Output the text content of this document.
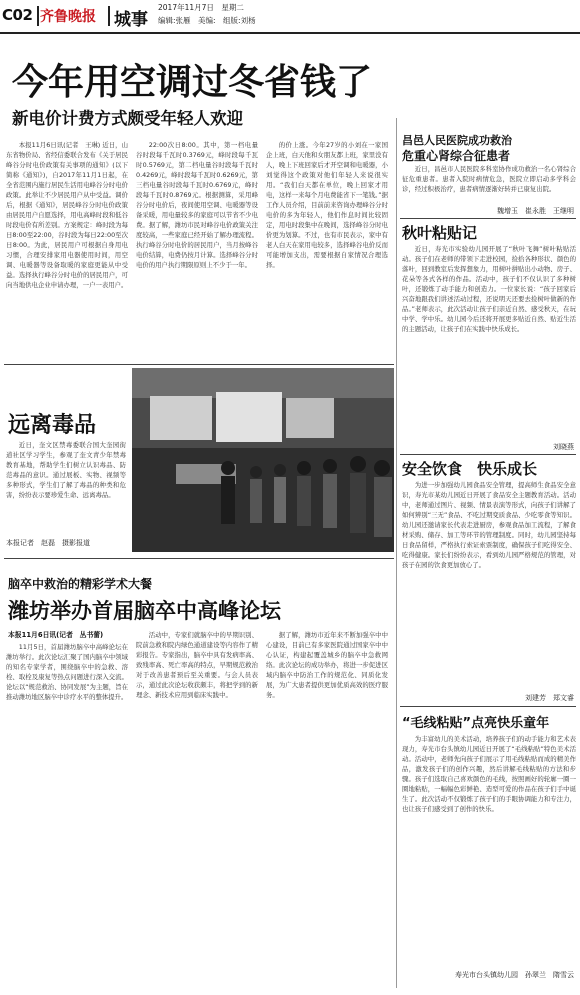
C02 齐鲁晚报 城事
2017年11月7日　星期二
编辑:张雁　美编:　组版:刘杨
今年用空调过冬省钱了
新电价计费方式颇受年轻人欢迎

本报11月6日讯(记者　王琳) 近日，山东省物价局、省经信委联合发布《关于居民峰谷分时电价政策有关事项的通知》(以下简称《通知》)，自2017年11月1日起，在全省范围内施行居民生活用电峰谷分时电价政策。此举让不少居民用户从中受益。调价后，根据《通知》，居民峰谷分时电价政策由居民用户自愿选择，用电高峰时段和低谷时段电价有所差别。方案规定：峰时段为每日8:00至22:00，谷时段为每日22:00至次日8:00。为此，居民用户可根据自身用电习惯，合理安排家用电器使用时间，用空调、电暖器等设备取暖的家庭更能从中受益。选择执行峰谷分时电价的居民用户，可向当地供电企业申请办理，一户一表用户。

22:00次日8:00。其中，第一档电量谷时段每千瓦时0.3769元，峰时段每千瓦时0.5769元，第二档电量谷时段每千瓦时0.4269元，峰时段每千瓦时0.6269元，第三档电量谷时段每千瓦时0.6769元，峰时段每千瓦时0.8769元。根据测算，采用峰谷分时电价后，夜间使用空调、电暖器等设备采暖，用电量较多的家庭可以节省不少电费。据了解，潍坊市民对峰谷电价政策关注度较高，一些家庭已经开始了解办理流程。执行峰谷分时电价的居民用户，当月按峰谷电价结算，电费仍按月计算。选择峰谷分时电价的用户执行期限原则上不少于一年。

的价上涨。今年27岁的小刘在一家国企上班，白天他和女朋友都上班，家里没有人，晚上下班回家后才开空调和电暖器，小刘觉得这个政策对他们年轻人来说很实用。“我们白天都在单位，晚上回家才用电，这样一来每个月电费能省下一笔钱。”据工作人员介绍，目前前来咨询办理峰谷分时电价的多为年轻人，他们作息时间比较固定，用电时段集中在晚间，选择峰谷分时电价更为划算。不过，也有市民表示，家中有老人白天在家用电较多，选择峰谷电价反而可能增加支出，需要根据自家情况合理选择。

昌邑人民医院成功救治
危重心肾综合征患者

近日，昌邑市人民医院多科室协作成功救治一名心肾综合征危重患者。患者入院时病情危急，医院立即启动多学科会诊，经过积极治疗，患者病情逐渐好转并已康复出院。

魏增玉　崔永胜　王继明
秋叶粘贴记

近日，寿光市实验幼儿园开展了“秋叶飞舞”树叶粘贴活动。孩子们在老师的带领下走进校园，捡拾各种形状、颜色的落叶，回到教室后发挥想象力，用树叶拼贴出小动物、房子、花朵等各式各样的作品。活动中，孩子们不仅认识了多种树叶，还锻炼了动手能力和创造力。一位家长说：“孩子回家后兴奋地跟我们讲述活动过程，还说明天还要去捡树叶做新的作品。”老师表示，此次活动让孩子们亲近自然、感受秋天，在玩中学、学中乐。幼儿园今后还将开展更多贴近自然、贴近生活的主题活动，让孩子们在实践中快乐成长。

刘晓燕
安全饮食　快乐成长

为进一步加强幼儿园食品安全管理，提高师生食品安全意识，寿光市某幼儿园近日开展了食品安全主题教育活动。活动中，老师通过图片、视频、情景表演等形式，向孩子们讲解了如何辨别“三无”食品、不吃过期变质食品、少吃零食等知识。幼儿园还邀请家长代表走进厨房，参观食品加工流程，了解食材采购、储存、加工等环节的管理制度。同时，幼儿园坚持每日食品留样，严格执行索证索票制度，确保孩子们吃得安全、吃得健康。家长们纷纷表示，看到幼儿园严格规范的管理，对孩子在园的饮食更加放心了。

刘建芳　郑文睿
“毛线粘贴”点亮快乐童年

为丰富幼儿的美术活动，培养孩子们的动手能力和艺术表现力，寿光市台头镇幼儿园近日开展了“毛线粘贴”特色美术活动。活动中，老师先向孩子们展示了用毛线粘贴而成的精美作品，激发孩子们的创作兴趣，然后讲解毛线粘贴的方法和步骤。孩子们选取自己喜欢颜色的毛线，按照画好的轮廓一圈一圈地粘贴，一幅幅色彩鲜艳、造型可爱的作品在孩子们手中诞生了。此次活动不仅锻炼了孩子们的手眼协调能力和专注力，也让孩子们感受到了创作的快乐。

寿光市台头镇幼儿园　孙翠兰　隋雪云
远离毒品

近日，奎文区禁毒委联合国大奎园街道社区学习学生，参观了奎文青少年禁毒教育基地，帮助学生们树立认识毒品、防范毒品的意识。通过展板、实物、视频等多种形式，学生们了解了毒品的种类和危害，纷纷表示要珍爱生命、远离毒品。

本报记者　赵磊　摄影报道
脑卒中救治的精彩学术大餐
潍坊举办首届脑卒中高峰论坛
本报11月6日讯(记者　丛书蕾)

11月5日，首届潍坊脑卒中高峰论坛在潍坊举行。此次论坛汇聚了国内脑卒中领域的知名专家学者，围绕脑卒中的急救、溶栓、取栓及康复等热点问题进行深入交流。论坛以“规范救治、协同发展”为主题，旨在推动潍坊地区脑卒中诊疗水平的整体提升。

活动中，专家们就脑卒中的早期识别、院前急救和院内绿色通道建设等内容作了精彩报告。专家指出，脑卒中具有发病率高、致残率高、死亡率高的特点，早期规范救治对于改善患者预后至关重要。与会人员表示，通过此次论坛收获颇丰，将把学到的新理念、新技术应用到临床实践中。

据了解，潍坊市近年来不断加强卒中中心建设，目前已有多家医院通过国家卒中中心认证，构建起覆盖城乡的脑卒中急救网络。此次论坛的成功举办，将进一步促进区域内脑卒中防治工作的规范化、同质化发展，为广大患者提供更加优质高效的医疗服务。
